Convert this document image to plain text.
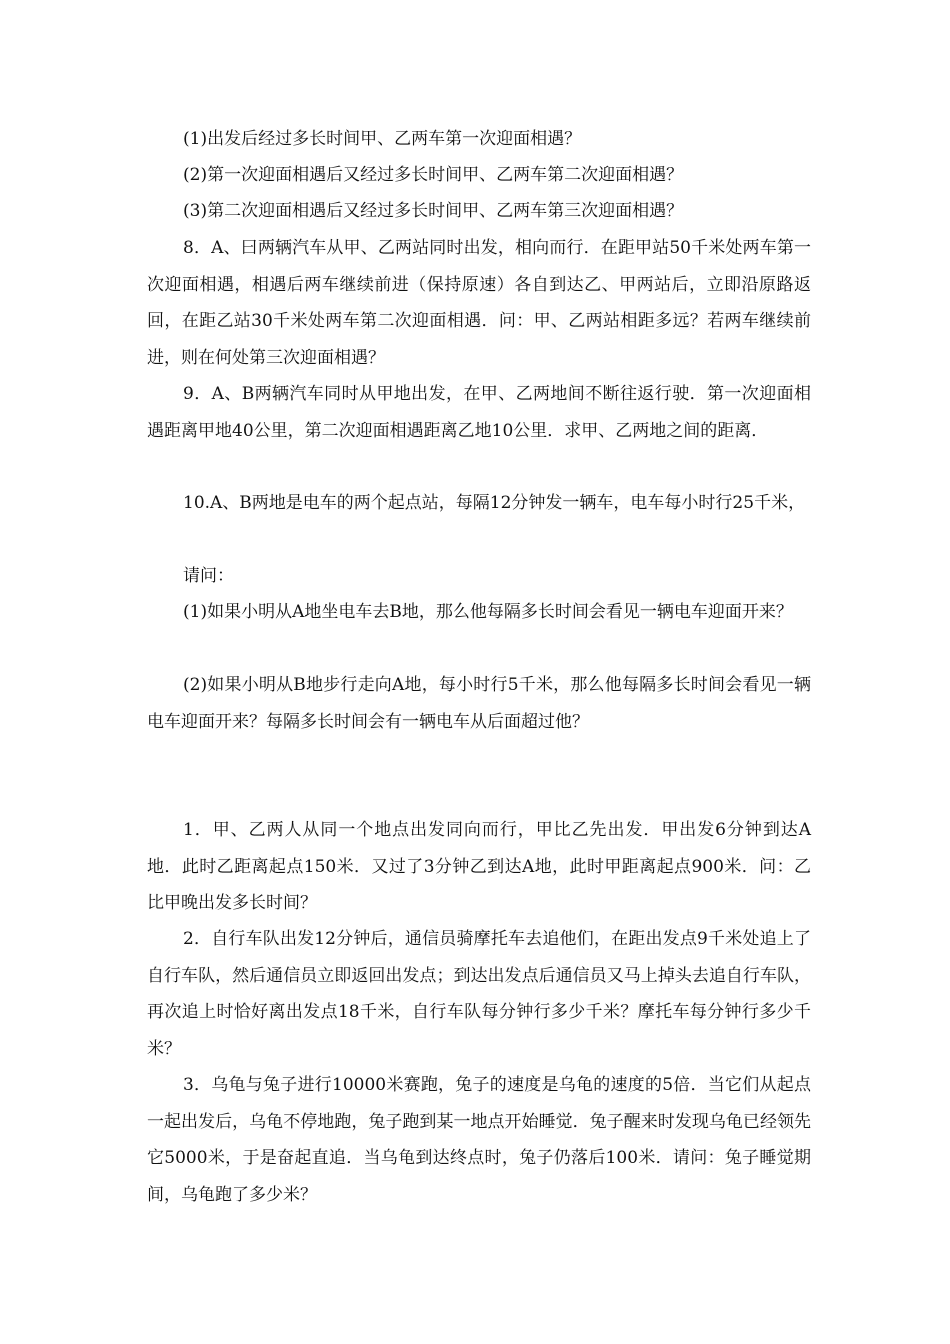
(1)出发后经过多长时间甲、乙两车第一次迎面相遇？

(2)第一次迎面相遇后又经过多长时间甲、乙两车第二次迎面相遇？

(3)第二次迎面相遇后又经过多长时间甲、乙两车第三次迎面相遇？

8．A、曰两辆汽车从甲、乙两站同时出发，相向而行．在距甲站50千米处两车第一次迎面相遇，相遇后两车继续前进（保持原速）各自到达乙、甲两站后，立即沿原路返回，在距乙站30千米处两车第二次迎面相遇．问：甲、乙两站相距多远？若两车继续前进，则在何处第三次迎面相遇？

9．A、B两辆汽车同时从甲地出发，在甲、乙两地间不断往返行驶．第一次迎面相遇距离甲地40公里，第二次迎面相遇距离乙地10公里．求甲、乙两地之间的距离．

10.A、B两地是电车的两个起点站，每隔12分钟发一辆车，电车每小时行25千米，

请问：

(1)如果小明从A地坐电车去B地，那么他每隔多长时间会看见一辆电车迎面开来？

(2)如果小明从B地步行走向A地，每小时行5千米，那么他每隔多长时间会看见一辆电车迎面开来？每隔多长时间会有一辆电车从后面超过他？

1．甲、乙两人从同一个地点出发同向而行，甲比乙先出发．甲出发6分钟到达A地．此时乙距离起点150米．又过了3分钟乙到达A地，此时甲距离起点900米．问：乙比甲晚出发多长时间？

2．自行车队出发12分钟后，通信员骑摩托车去追他们，在距出发点9千米处追上了自行车队，然后通信员立即返回出发点；到达出发点后通信员又马上掉头去追自行车队，再次追上时恰好离出发点18千米，自行车队每分钟行多少千米？摩托车每分钟行多少千米？

3．乌龟与兔子进行10000米赛跑，兔子的速度是乌龟的速度的5倍．当它们从起点一起出发后，乌龟不停地跑，兔子跑到某一地点开始睡觉．兔子醒来时发现乌龟已经领先它5000米，于是奋起直追．当乌龟到达终点时，兔子仍落后100米．请问：兔子睡觉期间，乌龟跑了多少米？
